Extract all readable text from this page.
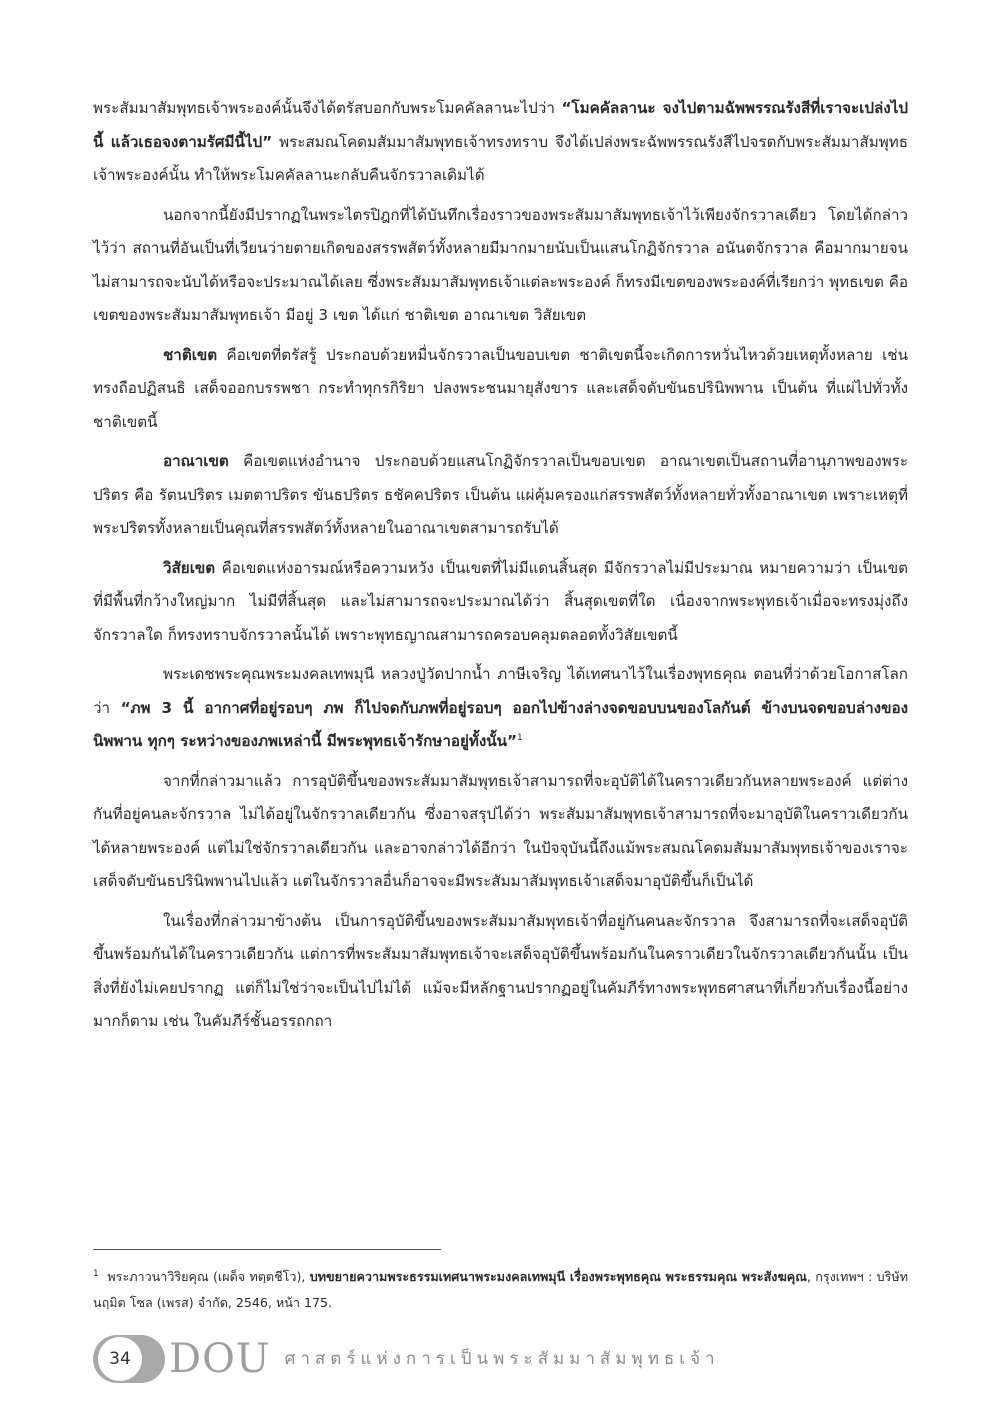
พระสัมมาสัมพุทธเจ้าพระองค์นั้นจึงได้ตรัสบอกกับพระโมคคัลลานะไปว่า “โมคคัลลานะ จงไปตามฉัพพรรณรังสีที่เราจะเปล่งไปนี้ แล้วเธอจงตามรัศมีนี้ไป” พระสมณโคดมสัมมาสัมพุทธเจ้าทรงทราบ จึงได้เปล่งพระฉัพพรรณรังสีไปจรดกับพระสัมมาสัมพุทธเจ้าพระองค์นั้น ทำให้พระโมคคัลลานะกลับคืนจักรวาลเดิมได้

นอกจากนี้ยังมีปรากฏในพระไตรปิฎกที่ได้บันทึกเรื่องราวของพระสัมมาสัมพุทธเจ้าไว้เพียงจักรวาลเดียว โดยได้กล่าวไว้ว่า สถานที่อันเป็นที่เวียนว่ายตายเกิดของสรรพสัตว์ทั้งหลายมีมากมายนับเป็นแสนโกฏิจักรวาล อนันตจักรวาล คือมากมายจนไม่สามารถจะนับได้หรือจะประมาณได้เลย ซึ่งพระสัมมาสัมพุทธเจ้าแต่ละพระองค์ ก็ทรงมีเขตของพระองค์ที่เรียกว่า พุทธเขต คือเขตของพระสัมมาสัมพุทธเจ้า มีอยู่ 3 เขต ได้แก่ ชาติเขต อาณาเขต วิสัยเขต

ชาติเขต คือเขตที่ตรัสรู้ ประกอบด้วยหมื่นจักรวาลเป็นขอบเขต ชาติเขตนี้จะเกิดการหวั่นไหวด้วยเหตุทั้งหลาย เช่น ทรงถือปฏิสนธิ เสด็จออกบรรพชา กระทำทุกรกิริยา ปลงพระชนมายุสังขาร และเสด็จดับขันธปรินิพพาน เป็นต้น ที่แผ่ไปทั่วทั้งชาติเขตนี้

อาณาเขต คือเขตแห่งอำนาจ ประกอบด้วยแสนโกฏิจักรวาลเป็นขอบเขต อาณาเขตเป็นสถานที่อานุภาพของพระปริตร คือ รัตนปริตร เมตตาปริตร ขันธปริตร ธชัคคปริตร เป็นต้น แผ่คุ้มครองแก่สรรพสัตว์ทั้งหลายทั่วทั้งอาณาเขต เพราะเหตุที่พระปริตรทั้งหลายเป็นคุณที่สรรพสัตว์ทั้งหลายในอาณาเขตสามารถรับได้

วิสัยเขต คือเขตแห่งอารมณ์หรือความหวัง เป็นเขตที่ไม่มีแดนสิ้นสุด มีจักรวาลไม่มีประมาณ หมายความว่า เป็นเขตที่มีพื้นที่กว้างใหญ่มาก ไม่มีที่สิ้นสุด และไม่สามารถจะประมาณได้ว่า สิ้นสุดเขตที่ใด เนื่องจากพระพุทธเจ้าเมื่อจะทรงมุ่งถึงจักรวาลใด ก็ทรงทราบจักรวาลนั้นได้ เพราะพุทธญาณสามารถครอบคลุมตลอดทั้งวิสัยเขตนี้

พระเดชพระคุณพระมงคลเทพมุนี หลวงปู่วัดปากน้ำ ภาษีเจริญ ได้เทศนาไว้ในเรื่องพุทธคุณ ตอนที่ว่าด้วยโอกาสโลกว่า “ภพ 3 นี้ อากาศที่อยู่รอบๆ ภพ ก็ไปจดกับภพที่อยู่รอบๆ ออกไปข้างล่างจดขอบบนของโลกันต์ ข้างบนจดขอบล่างของนิพพาน ทุกๆ ระหว่างของภพเหล่านี้ มีพระพุทธเจ้ารักษาอยู่ทั้งนั้น”$^1$

จากที่กล่าวมาแล้ว การอุบัติขึ้นของพระสัมมาสัมพุทธเจ้าสามารถที่จะอุบัติได้ในคราวเดียวกันหลายพระองค์ แต่ต่างกันที่อยู่คนละจักรวาล ไม่ได้อยู่ในจักรวาลเดียวกัน ซึ่งอาจสรุปได้ว่า พระสัมมาสัมพุทธเจ้าสามารถที่จะมาอุบัติในคราวเดียวกันได้หลายพระองค์ แต่ไม่ใช่จักรวาลเดียวกัน และอาจกล่าวได้อีกว่า ในปัจจุบันนี้ถึงแม้พระสมณโคดมสัมมาสัมพุทธเจ้าของเราจะเสด็จดับขันธปรินิพพานไปแล้ว แต่ในจักรวาลอื่นก็อาจจะมีพระสัมมาสัมพุทธเจ้าเสด็จมาอุบัติขึ้นก็เป็นได้

ในเรื่องที่กล่าวมาข้างต้น เป็นการอุบัติขึ้นของพระสัมมาสัมพุทธเจ้าที่อยู่กันคนละจักรวาล จึงสามารถที่จะเสด็จอุบัติขึ้นพร้อมกันได้ในคราวเดียวกัน แต่การที่พระสัมมาสัมพุทธเจ้าจะเสด็จอุบัติขึ้นพร้อมกันในคราวเดียวในจักรวาลเดียวกันนั้น เป็นสิ่งที่ยังไม่เคยปรากฏ แต่ก็ไม่ใช่ว่าจะเป็นไปไม่ได้ แม้จะมีหลักฐานปรากฏอยู่ในคัมภีร์ทางพระพุทธศาสนาที่เกี่ยวกับเรื่องนี้อย่างมากก็ตาม เช่น ในคัมภีร์ชั้นอรรถกถา

$^1$ พระภาวนาวิริยคุณ (เผด็จ ทตฺตชีโว), บทขยายความพระธรรมเทศนาพระมงคลเทพมุนี เรื่องพระพุทธคุณ พระธรรมคุณ พระสังฆคุณ, กรุงเทพฯ : บริษัท นฤมิต โซล (เพรส) จำกัด, 2546, หน้า 175.

34 DOU ศาสตร์แห่งการเป็นพระสัมมาสัมพุทธเจ้า
